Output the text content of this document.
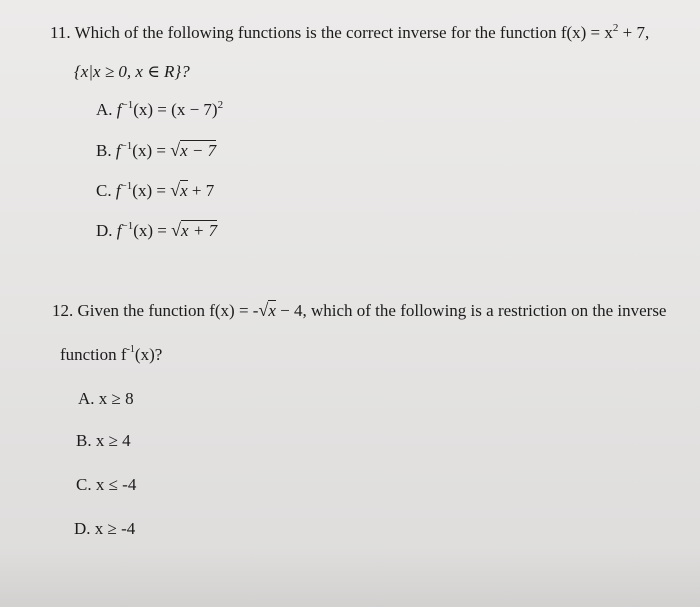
11. Which of the following functions is the correct inverse for the function $f(x) = x^2 + 7$,
{x|x ≥ 0, x ∈ R}?
A. $f^{-1}(x) = (x - 7)^2$
B. $f^{-1}(x) = √x - 7$
C. $f^{-1}(x) = √x + 7$
D. $f^{-1}(x) = √x + 7$
12. Given the function f(x) = -√x − 4, which of the following is a restriction on the inverse
function $f^{-1}(x)$?
A. x ≥ 8
B. x ≥ 4
C. x ≤ -4
D. x ≥ -4
